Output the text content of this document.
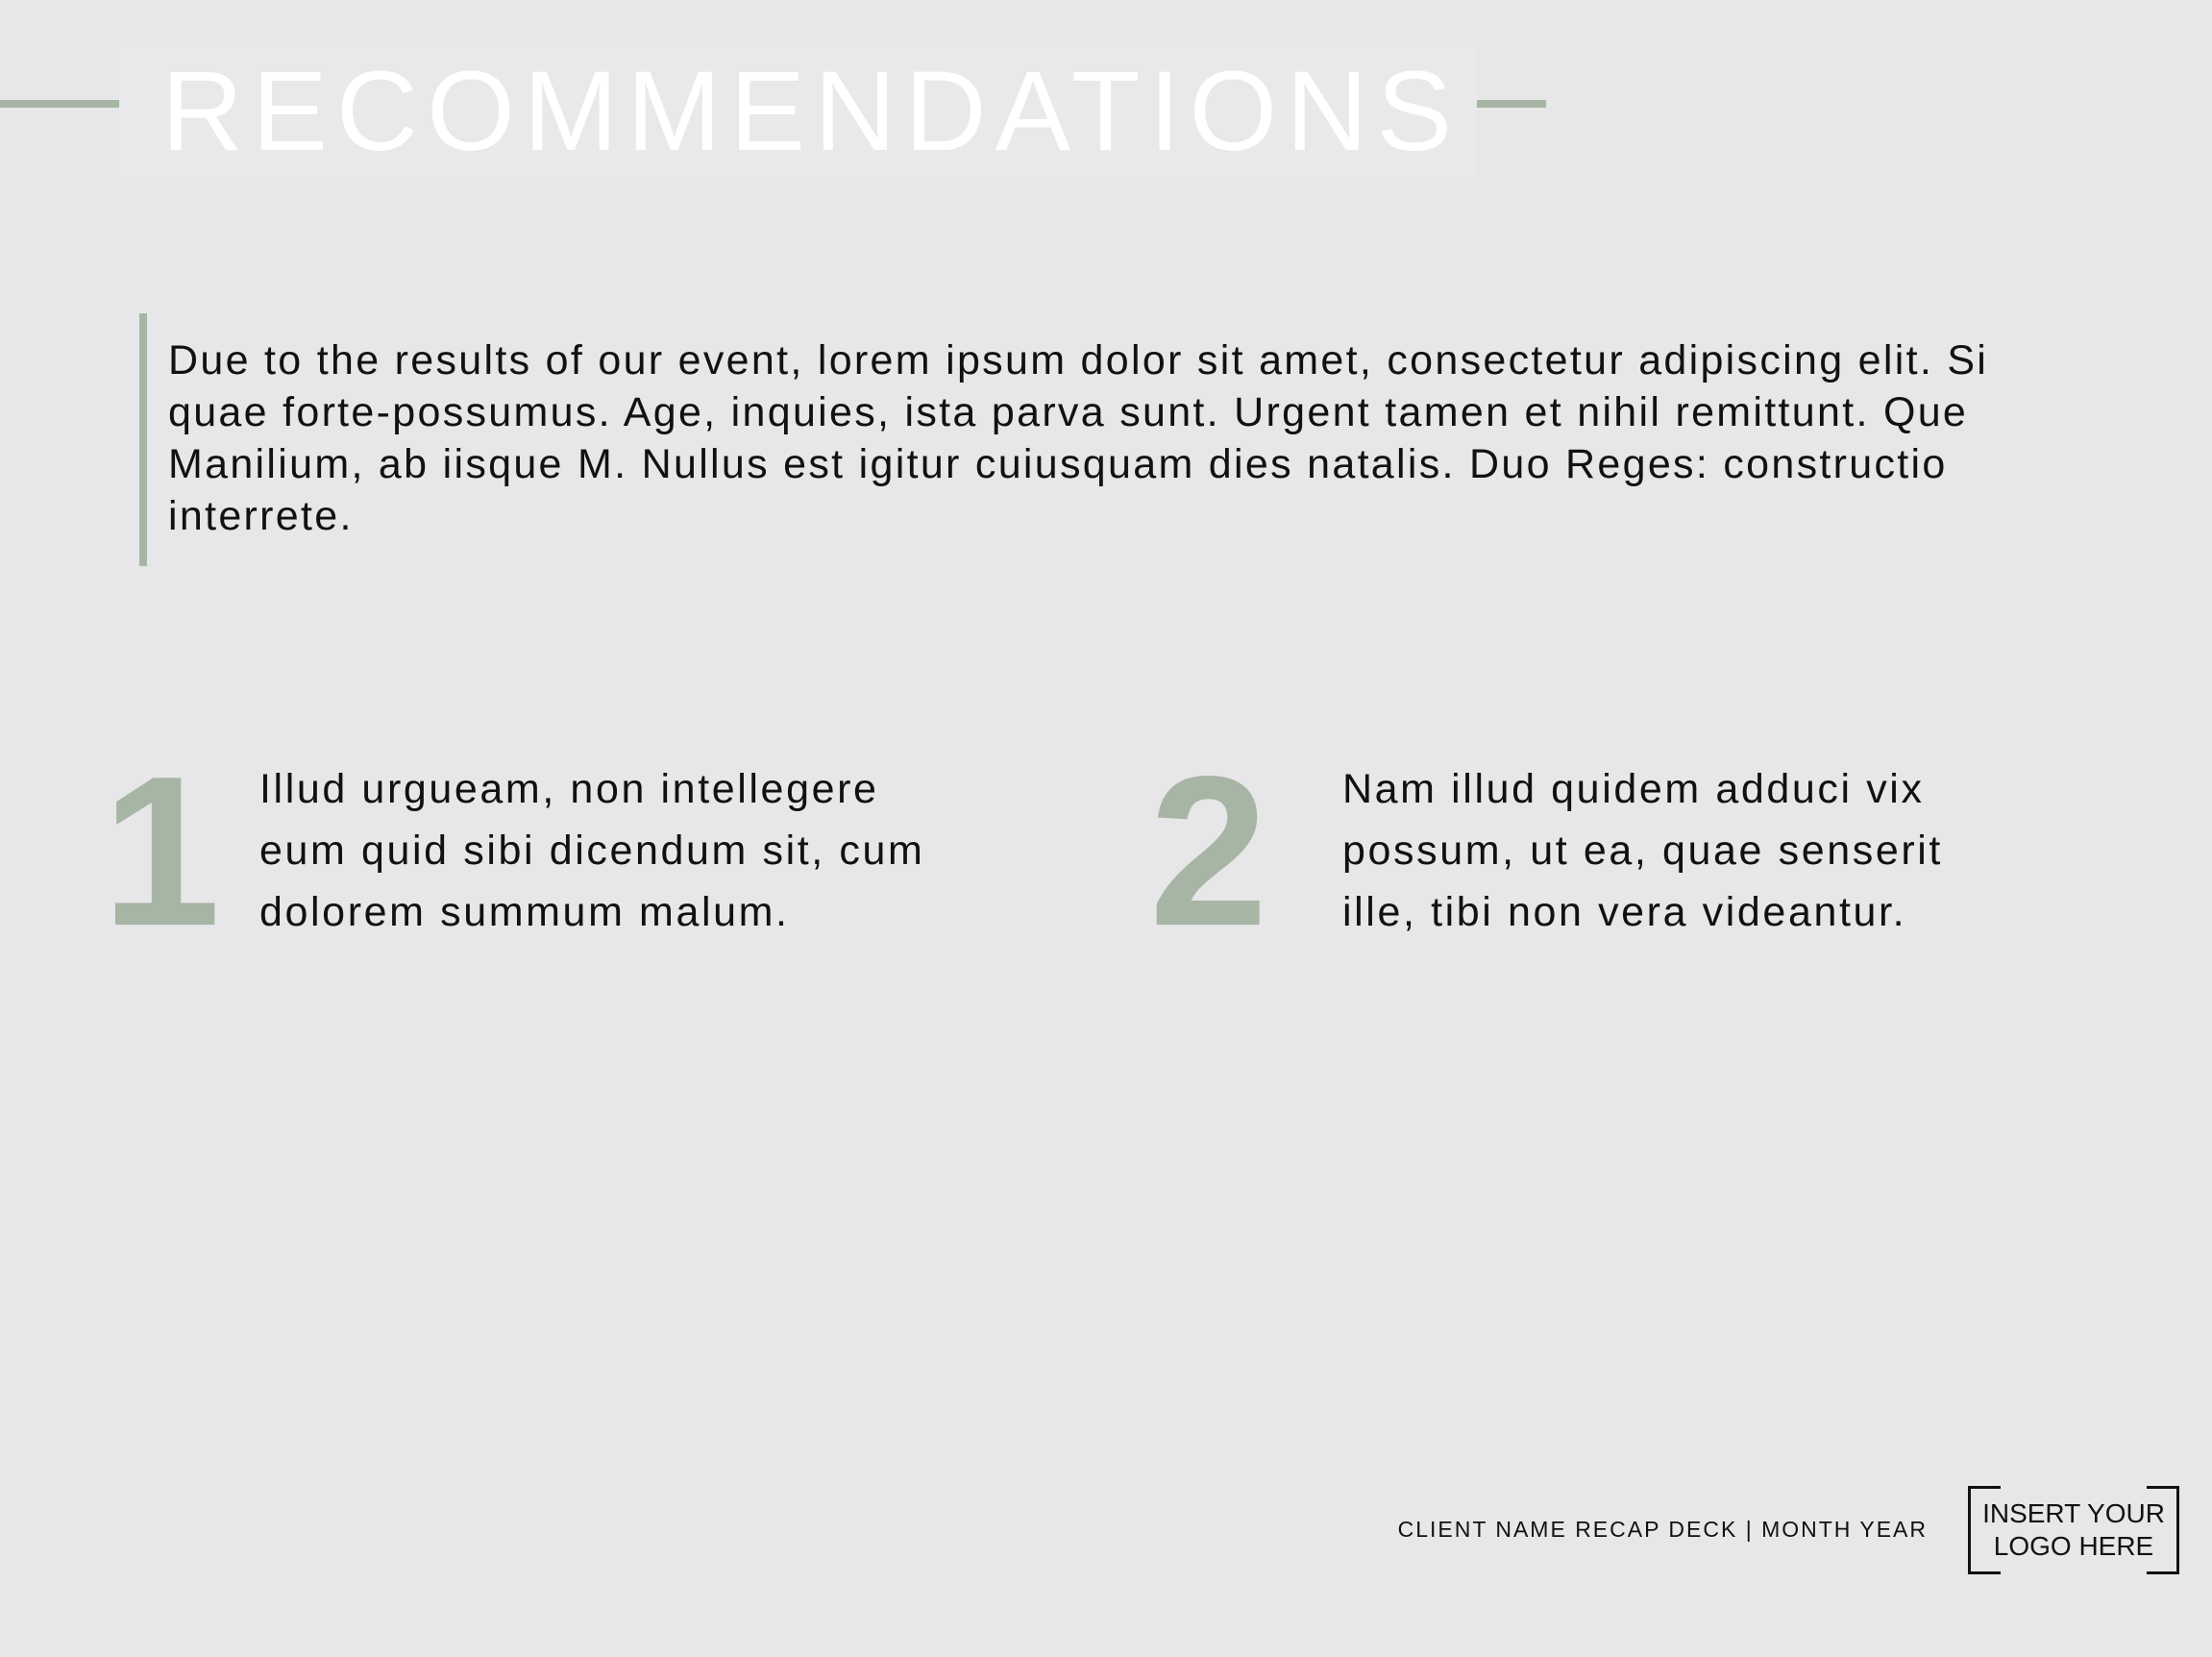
RECOMMENDATIONS

Due to the results of our event, lorem ipsum dolor sit amet, consectetur adipiscing elit. Si quae forte-possumus. Age, inquies, ista parva sunt. Urgent tamen et nihil remittunt. Que Manilium, ab iisque M. Nullus est igitur cuiusquam dies natalis. Duo Reges: constructio interrete.

1 Illud urgueam, non intellegere
eum quid sibi dicendum sit, cum
dolorem summum malum.	2 Nam illud quidem adduci vix
possum, ut ea, quae senserit
ille, tibi non vera videantur.

CLIENT NAME RECAP DECK | MONTH YEAR
INSERT YOUR
LOGO HERE
